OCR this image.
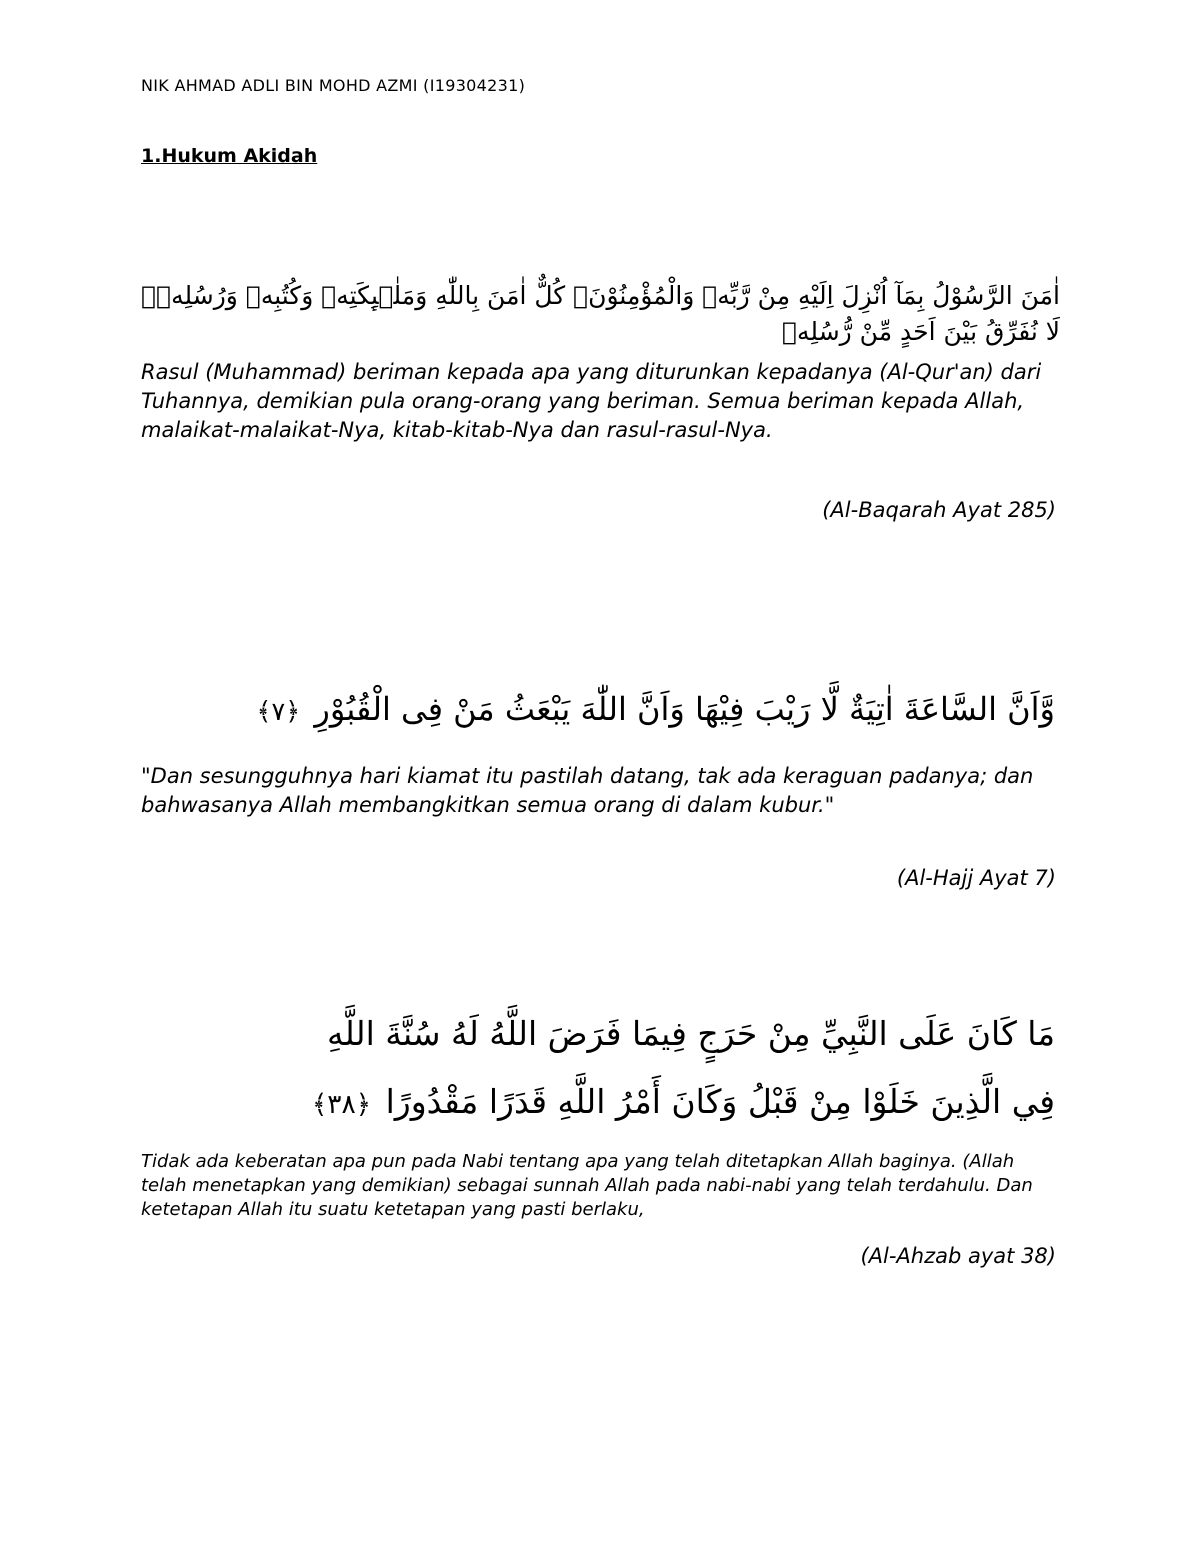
NIK AHMAD ADLI BIN MOHD AZMI (I19304231)
1.Hukum Akidah
اٰمَنَ الرَّسُوْلُ بِمَآ اُنْزِلَ اِلَيْهِ مِنْ رَّبِّهٖ وَالْمُؤْمِنُوْنَۗ كُلٌّ اٰمَنَ بِاللّٰهِ وَمَلٰۤىِٕكَتِهٖ وَكُتُبِهٖ وَرُسُلِهٖۗ لَا نُفَرِّقُ بَيْنَ اَحَدٍ مِّنْ رُّسُلِهٖ
Rasul (Muhammad) beriman kepada apa yang diturunkan kepadanya (Al-Qur'an) dari Tuhannya, demikian pula orang-orang yang beriman. Semua beriman kepada Allah, malaikat-malaikat-Nya, kitab-kitab-Nya dan rasul-rasul-Nya.
(Al-Baqarah Ayat 285)
وَّاَنَّ السَّاعَةَ اٰتِيَةٌ لَّا رَيْبَ فِيْهَا وَاَنَّ اللّٰهَ يَبْعَثُ مَنْ فِى الْقُبُوْرِ ﴿٧﴾
"Dan sesungguhnya hari kiamat itu pastilah datang, tak ada keraguan padanya; dan bahwasanya Allah membangkitkan semua orang di dalam kubur."
(Al-Hajj Ayat 7)
مَا كَانَ عَلَى النَّبِيِّ مِنْ حَرَجٍ فِيمَا فَرَضَ اللَّهُ لَهُ سُنَّةَ اللَّهِ فِي الَّذِينَ خَلَوْا مِنْ قَبْلُ وَكَانَ أَمْرُ اللَّهِ قَدَرًا مَقْدُورًا ﴿٣٨﴾
Tidak ada keberatan apa pun pada Nabi tentang apa yang telah ditetapkan Allah baginya. (Allah telah menetapkan yang demikian) sebagai sunnah Allah pada nabi-nabi yang telah terdahulu. Dan ketetapan Allah itu suatu ketetapan yang pasti berlaku,
(Al-Ahzab ayat 38)
